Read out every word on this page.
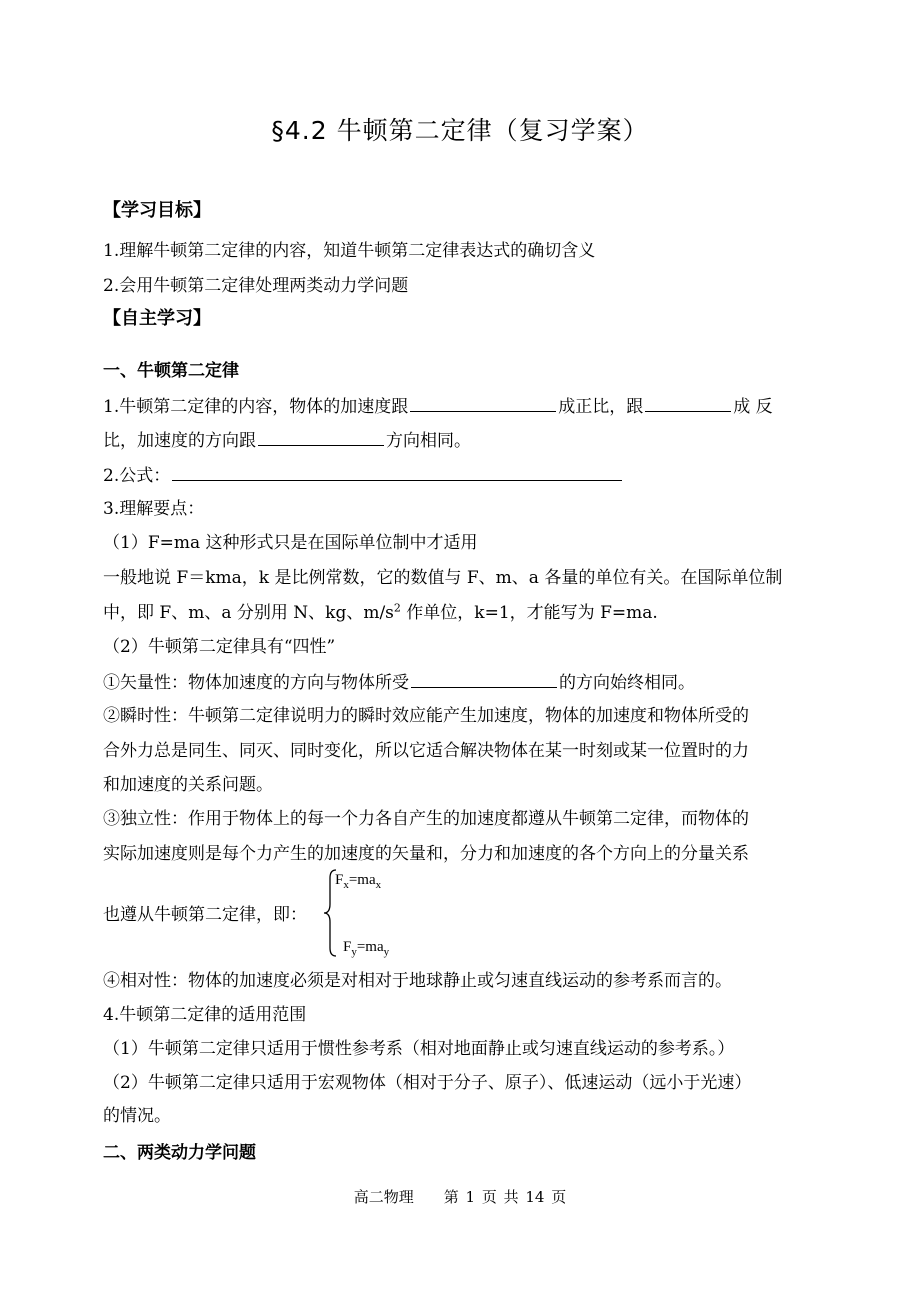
§4.2 牛顿第二定律（复习学案）
【学习目标】
1.理解牛顿第二定律的内容，知道牛顿第二定律表达式的确切含义
2.会用牛顿第二定律处理两类动力学问题
【自主学习】
一、牛顿第二定律
1.牛顿第二定律的内容，物体的加速度跟	成正比，跟	成 反
比，加速度的方向跟	方向相同。
2.公式：
3.理解要点：
（1）F=ma 这种形式只是在国际单位制中才适用
一般地说 F＝kma，k 是比例常数，它的数值与 F、m、a 各量的单位有关。在国际单位制
中，即 F、m、a 分别用 N、kg、$m/s^2$ 作单位，k=1，才能写为 F=ma.
（2）牛顿第二定律具有“四性”
①矢量性：物体加速度的方向与物体所受	的方向始终相同。
②瞬时性：牛顿第二定律说明力的瞬时效应能产生加速度，物体的加速度和物体所受的
合外力总是同生、同灭、同时变化，所以它适合解决物体在某一时刻或某一位置时的力
和加速度的关系问题。
③独立性：作用于物体上的每一个力各自产生的加速度都遵从牛顿第二定律，而物体的
实际加速度则是每个力产生的加速度的矢量和，分力和加速度的各个方向上的分量关系
也遵从牛顿第二定律，即：
$F_x=ma_x$
$F_y=ma_y$
④相对性：物体的加速度必须是对相对于地球静止或匀速直线运动的参考系而言的。
4.牛顿第二定律的适用范围
（1）牛顿第二定律只适用于惯性参考系（相对地面静止或匀速直线运动的参考系。）
（2）牛顿第二定律只适用于宏观物体（相对于分子、原子）、低速运动（远小于光速）
的情况。
二、两类动力学问题
高二物理　　第 1 页 共 14 页
